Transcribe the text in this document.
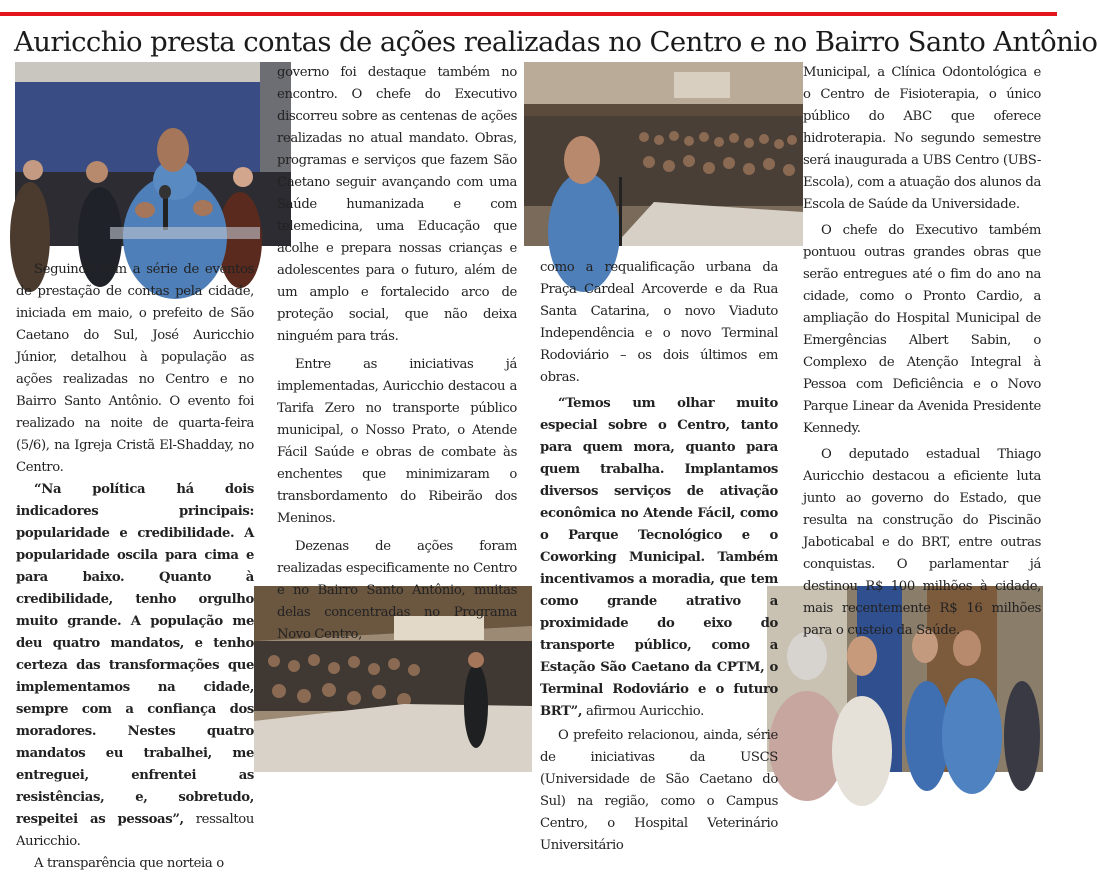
Auricchio presta contas de ações realizadas no Centro e no Bairro Santo Antônio

Seguindo com a série de eventos de prestação de contas pela cidade, iniciada em maio, o prefeito de São Caetano do Sul, José Auricchio Júnior, detalhou à população as ações realizadas no Centro e no Bairro Santo Antônio. O evento foi realizado na noite de quarta-feira (5/6), na Igreja Cristã El-Shadday, no Centro.

“Na política há dois indicadores principais: popularidade e credibilidade. A popularidade oscila para cima e para baixo. Quanto à credibilidade, tenho orgulho muito grande. A população me deu quatro mandatos, e tenho certeza das transformações que implementamos na cidade, sempre com a confiança dos moradores. Nestes quatro mandatos eu trabalhei, me entreguei, enfrentei as resistências, e, sobretudo, respeitei as pessoas”, ressaltou Auricchio.

A transparência que norteia o

governo foi destaque também no encontro. O chefe do Executivo discorreu sobre as centenas de ações realizadas no atual mandato. Obras, programas e serviços que fazem São Caetano seguir avançando com uma Saúde humanizada e com telemedicina, uma Educação que acolhe e prepara nossas crianças e adolescentes para o futuro, além de um amplo e fortalecido arco de proteção social, que não deixa ninguém para trás.

Entre as iniciativas já implementadas, Auricchio destacou a Tarifa Zero no transporte público municipal, o Nosso Prato, o Atende Fácil Saúde e obras de combate às enchentes que minimizaram o transbordamento do Ribeirão dos Meninos.

Dezenas de ações foram realizadas especificamente no Centro e no Bairro Santo Antônio, muitas delas concentradas no Programa Novo Centro,

como a requalificação urbana da Praça Cardeal Arcoverde e da Rua Santa Catarina, o novo Viaduto Independência e o novo Terminal Rodoviário – os dois últimos em obras.

“Temos um olhar muito especial sobre o Centro, tanto para quem mora, quanto para quem trabalha. Implantamos diversos serviços de ativação econômica no Atende Fácil, como o Parque Tecnológico e o Coworking Municipal. Também incentivamos a moradia, que tem como grande atrativo a proximidade do eixo do transporte público, como a Estação São Caetano da CPTM, o Terminal Rodoviário e o futuro BRT”, afirmou Auricchio.

O prefeito relacionou, ainda, série de iniciativas da USCS (Universidade de São Caetano do Sul) na região, como o Campus Centro, o Hospital Veterinário Universitário

Municipal, a Clínica Odontológica e o Centro de Fisioterapia, o único público do ABC que oferece hidroterapia. No segundo semestre será inaugurada a UBS Centro (UBS-Escola), com a atuação dos alunos da Escola de Saúde da Universidade.

O chefe do Executivo também pontuou outras grandes obras que serão entregues até o fim do ano na cidade, como o Pronto Cardio, a ampliação do Hospital Municipal de Emergências Albert Sabin, o Complexo de Atenção Integral à Pessoa com Deficiência e o Novo Parque Linear da Avenida Presidente Kennedy.

O deputado estadual Thiago Auricchio destacou a eficiente luta junto ao governo do Estado, que resulta na construção do Piscinão Jaboticabal e do BRT, entre outras conquistas. O parlamentar já destinou R$ 100 milhões à cidade, mais recentemente R$ 16 milhões para o custeio da Saúde.
